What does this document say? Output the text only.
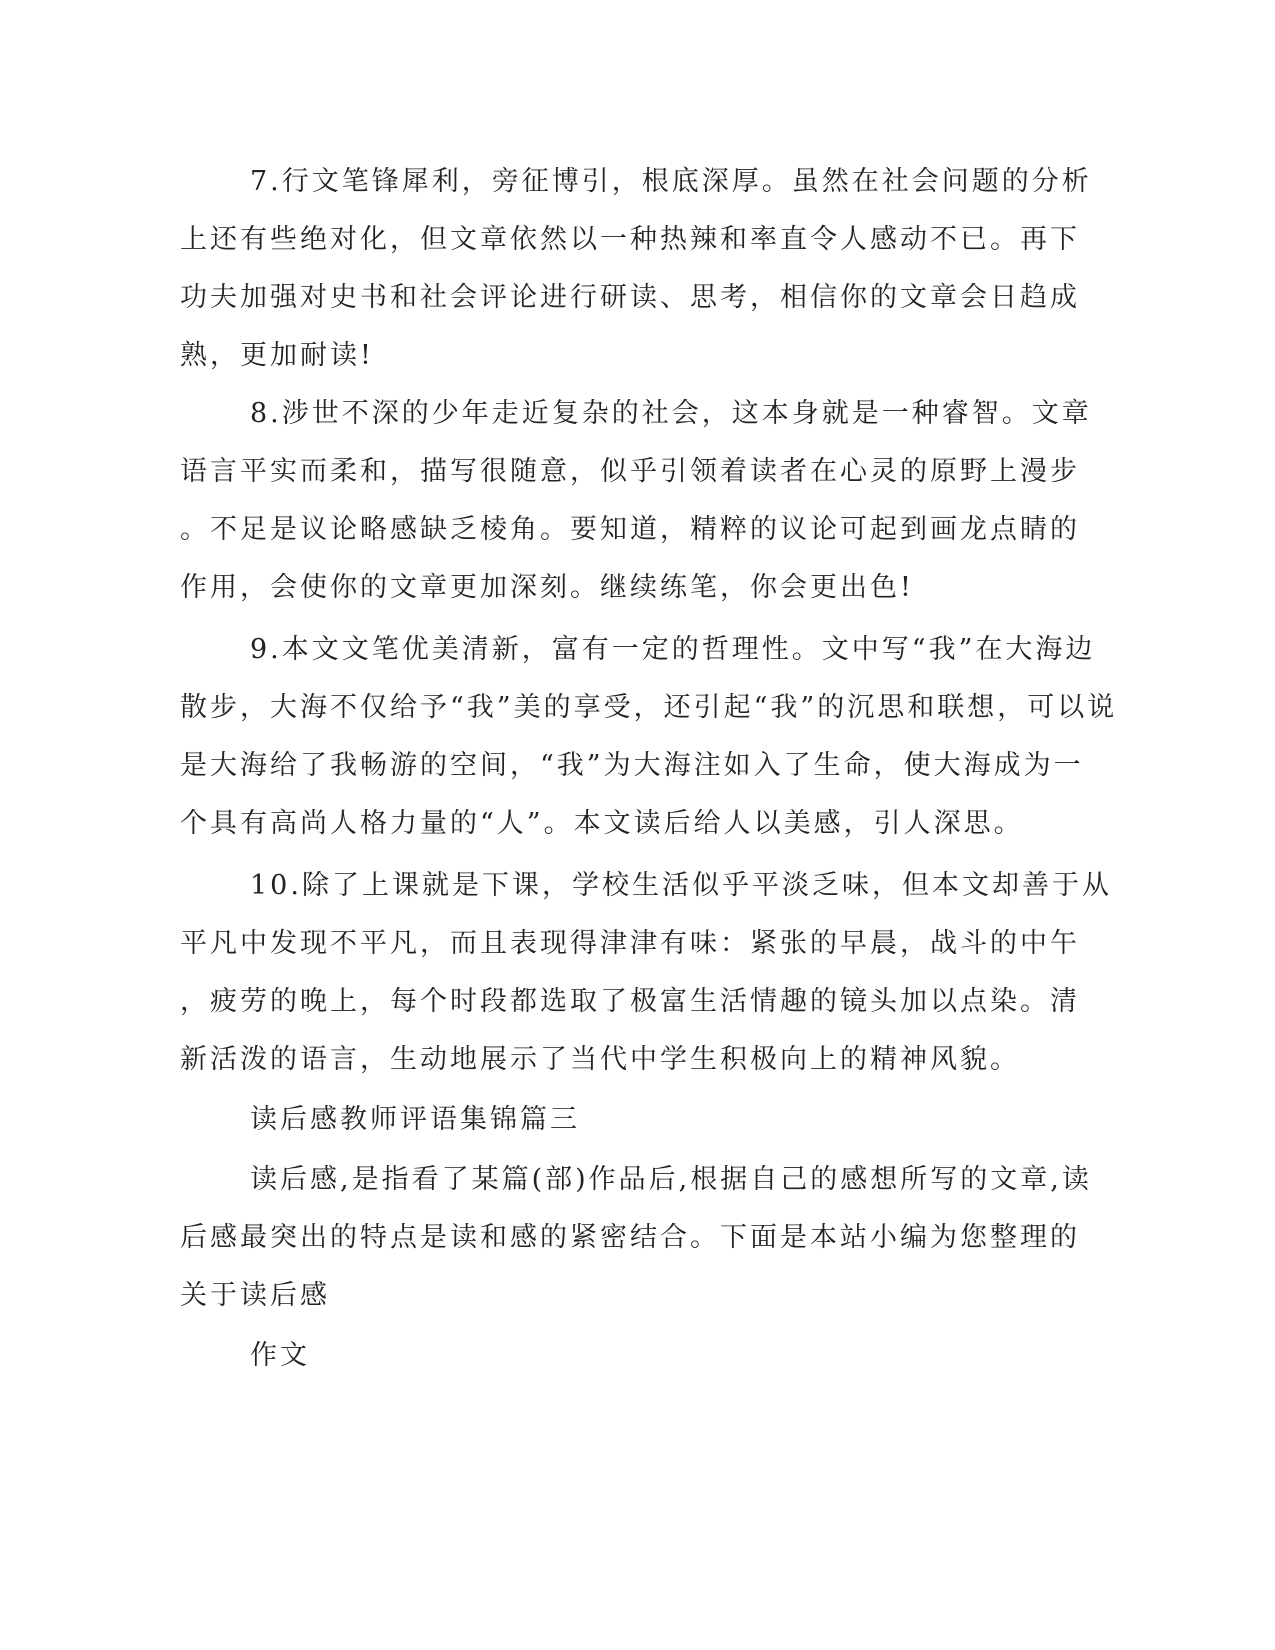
7.行文笔锋犀利，旁征博引，根底深厚。虽然在社会问题的分析

上还有些绝对化，但文章依然以一种热辣和率直令人感动不已。再下

功夫加强对史书和社会评论进行研读、思考，相信你的文章会日趋成

熟，更加耐读!

8.涉世不深的少年走近复杂的社会，这本身就是一种睿智。文章

语言平实而柔和，描写很随意，似乎引领着读者在心灵的原野上漫步

。不足是议论略感缺乏棱角。要知道，精粹的议论可起到画龙点睛的

作用，会使你的文章更加深刻。继续练笔，你会更出色!

9.本文文笔优美清新，富有一定的哲理性。文中写“我”在大海边

散步，大海不仅给予“我”美的享受，还引起“我”的沉思和联想，可以说

是大海给了我畅游的空间，“我”为大海注如入了生命，使大海成为一

个具有高尚人格力量的“人”。本文读后给人以美感，引人深思。

10.除了上课就是下课，学校生活似乎平淡乏味，但本文却善于从

平凡中发现不平凡，而且表现得津津有味：紧张的早晨，战斗的中午

，疲劳的晚上，每个时段都选取了极富生活情趣的镜头加以点染。清

新活泼的语言，生动地展示了当代中学生积极向上的精神风貌。

读后感教师评语集锦篇三

读后感,是指看了某篇(部)作品后,根据自己的感想所写的文章,读

后感最突出的特点是读和感的紧密结合。下面是本站小编为您整理的

关于读后感

作文
